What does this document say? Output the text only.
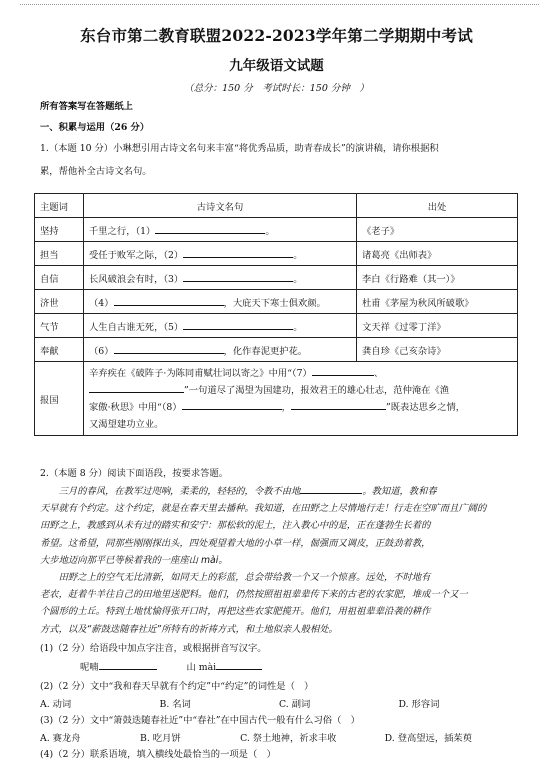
东台市第二教育联盟2022-2023学年第二学期期中考试
九年级语文试题
（总分：150 分　考试时长：150 分钟　）
所有答案写在答题纸上
一、积累与运用（26 分）
1.（本题 10 分）小琳想引用古诗文名句来丰富“将优秀品质，助青春成长”的演讲稿，请你根据积
累，帮他补全古诗文名句。
主题词	古诗文名句	出处
坚持	千里之行，（1） 。	《老子》
担当	受任于败军之际，（2） 。	诸葛亮《出师表》
自信	长风破浪会有时，（3） 。	李白《行路难（其一）》
济世	（4） ，大庇天下寒士俱欢颜。	杜甫《茅屋为秋风所破歌》
气节	人生自古谁无死，（5） 。	文天祥《过零丁洋》
奉献	（6） ，化作春泥更护花。	龚自珍《己亥杂诗》
报国	辛弃疾在《破阵子·为陈同甫赋壮词以寄之》中用“（7） 、
”一句道尽了渴望为国建功，报效君王的雄心壮志，范仲淹在《渔
家傲·秋思》中用“（8） ， ”既表达思乡之情，
又渴望建功立业。	
2.（本题 8 分）阅读下面语段，按要求答题。
三月的春风，在教军过咫响，柔柔的，轻轻的，令教不由地	。教知道，教和春
天早就有个约定。这个约定，就是在春天里去播种。我知道，在田野之上尽情地行走！行走在空旷而且广阔的
田野之上，教感到从未有过的踏实和安宁：那松软的泥土，注入教心中的是，正在蓬勃生长着的
希望。这希望，同那些刚刚探出头，四处观望着大地的小草一样，倔强而又调皮，正鼓劲着教，
大步地迈向那平已等候着我的一座座山 mài。
田野之上的空气无比清新，如同天上的彩蓝，总会带给教一个又一个惊喜。远处，不时地有
老农，赶着牛羊往自己的田地里送肥料。他们，仍然按照祖祖辈辈传下来的古老的农家肥，堆成一个又一
个圆形的土丘。特到土地忧愉得张开口时，再把这些农家肥揽开。他们，用祖祖辈辈沿袭的耕作
方式，以及“薪鼓迭随春社近”所特有的祈祷方式，和土地似亲人般相处。
(1)（2 分）给语段中加点字注音，或根据拼音写汉字。
呢喃	山 mài
(2)（2 分）文中“我和春天早就有个约定”中“约定”的词性是（　）
A. 动词	B. 名词	C. 副词	D. 形容词
(3)（2 分）文中“箫鼓迭随春社近”中“春社”在中国古代一般有什么习俗（　）
A. 赛龙舟	B. 吃月饼	C. 祭土地神，祈求丰收	D. 登高望远，插茱萸
(4)（2 分）联系语境，填入横线处最恰当的一项是（　）
